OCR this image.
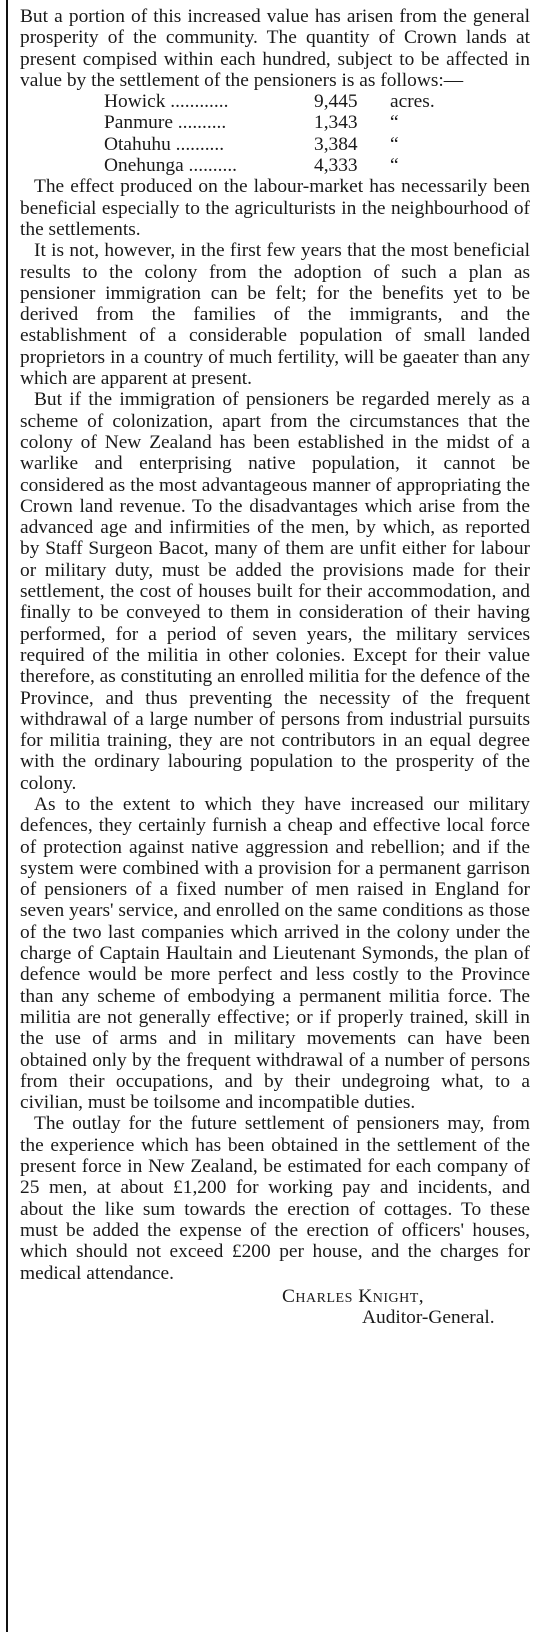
But a portion of this increased value has arisen from the general prosperity of the community. The quantity of Crown lands at present compised within each hundred, subject to be affected in value by the settlement of the pensioners is as follows:—

Howick ............	9,445	acres.
Panmure ..........	1,343	“
Otahuhu ..........	3,384	“
Onehunga ..........	4,333	“

The effect produced on the labour-market has necessarily been beneficial especially to the agriculturists in the neighbourhood of the settlements.

It is not, however, in the first few years that the most beneficial results to the colony from the adoption of such a plan as pensioner immigration can be felt; for the benefits yet to be derived from the families of the immigrants, and the establishment of a considerable population of small landed proprietors in a country of much fertility, will be gaeater than any which are apparent at present.

But if the immigration of pensioners be regarded merely as a scheme of colonization, apart from the circumstances that the colony of New Zealand has been established in the midst of a warlike and enterprising native population, it cannot be considered as the most advantageous manner of appropriating the Crown land revenue. To the disadvantages which arise from the advanced age and infirmities of the men, by which, as reported by Staff Surgeon Bacot, many of them are unfit either for labour or military duty, must be added the provisions made for their settlement, the cost of houses built for their accommodation, and finally to be conveyed to them in consideration of their having performed, for a period of seven years, the military services required of the militia in other colonies. Except for their value therefore, as constituting an enrolled militia for the defence of the Province, and thus preventing the necessity of the frequent withdrawal of a large number of persons from industrial pursuits for militia training, they are not contributors in an equal degree with the ordinary labouring population to the prosperity of the colony.

As to the extent to which they have increased our military defences, they certainly furnish a cheap and effective local force of protection against native aggression and rebellion; and if the system were combined with a provision for a permanent garrison of pensioners of a fixed number of men raised in England for seven years' service, and enrolled on the same conditions as those of the two last companies which arrived in the colony under the charge of Captain Haultain and Lieutenant Symonds, the plan of defence would be more perfect and less costly to the Province than any scheme of embodying a permanent militia force. The militia are not generally effective; or if properly trained, skill in the use of arms and in military movements can have been obtained only by the frequent withdrawal of a number of persons from their occupations, and by their undegroing what, to a civilian, must be toilsome and incompatible duties.

The outlay for the future settlement of pensioners may, from the experience which has been obtained in the settlement of the present force in New Zealand, be estimated for each company of 25 men, at about £1,200 for working pay and incidents, and about the like sum towards the erection of cottages. To these must be added the expense of the erection of officers' houses, which should not exceed £200 per house, and the charges for medical attendance.

Charles Knight,
Auditor-General.
